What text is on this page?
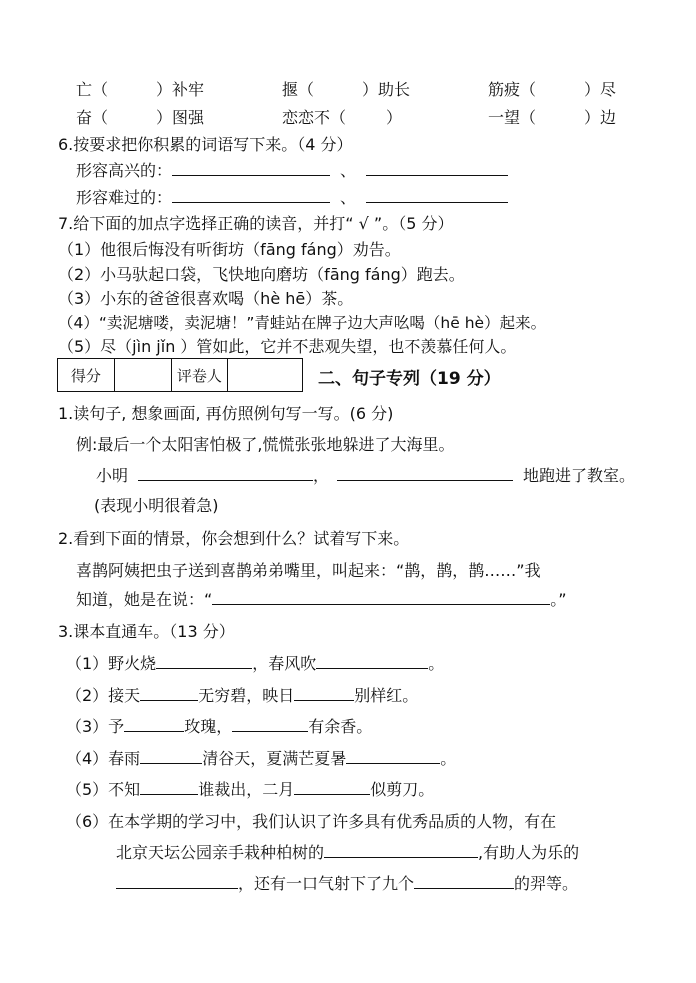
亡（	）补牢	揠（	）助长	筋疲（	）尽
奋（	）图强	恋恋不（	）	一望（	）边
6.按要求把你积累的词语写下来。（4 分）
形容高兴的：	、
形容难过的：	、
7.给下面的加点字选择正确的读音，并打“ √ ”。（5 分）
（1）他很后悔没有听街坊（fāng fáng）劝告。
（2）小马驮起口袋，飞快地向磨坊（fāng fáng）跑去。
（3）小东的爸爸很喜欢喝（hè hē）茶。
（4）“卖泥塘喽，卖泥塘！”青蛙站在牌子边大声吆喝（hē hè）起来。
（5）尽（jìn jǐn ）管如此，它并不悲观失望，也不羡慕任何人。
得分		评卷人		二、句子专列（19 分）
1.读句子, 想象画面, 再仿照例句写一写。(6 分)
例:最后一个太阳害怕极了,慌慌张张地躲进了大海里。
小明	，	地跑进了教室。
(表现小明很着急)
2.看到下面的情景，你会想到什么？试着写下来。
喜鹊阿姨把虫子送到喜鹊弟弟嘴里，叫起来：“鹊，鹊，鹊……”我
知道，她是在说：“	。”
3.课本直通车。（13 分）
（1）野火烧	，春风吹	。
（2）接天	无穷碧，映日	别样红。
（3）予	玫瑰，	有余香。
（4）春雨	清谷天，夏满芒夏暑	。
（5）不知	谁裁出，二月	似剪刀。
（6）在本学期的学习中，我们认识了许多具有优秀品质的人物，有在
北京天坛公园亲手栽种柏树的	,有助人为乐的
，还有一口气射下了九个	的羿等。
